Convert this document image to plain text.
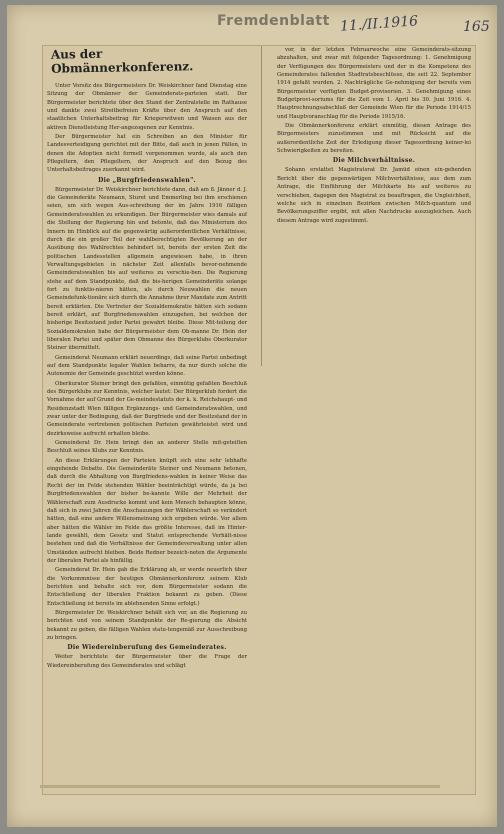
Fremdenblatt 11./II.1916	165
Aus der Obmännerkonferenz.

Unter Vorsitz des Bürgermeisters Dr. Weiskirchner fand Dienstag eine Sitzung der Obmänner der Gemeinderats-parteien statt. Der Bürgermeister berichtete über den Stand der Zentralstelle im Rathause und dankte zwei Streitbefreien Kräfte über den Anspruch auf den staatlichen Unterhaltsbeitrag für Kriegerwitwen und Waisen aus der aktiven Dienstleistung Her-angezogenen zur Kenntnis.

Der Bürgermeister hat ein Schreiben an den Minister für Landesverteidigung gerichtet mit der Bitte, daß auch in jenen Fällen, in denen die Adoptien nicht formell vorgenommen wurde, als auch den Pflegeltern, den Pflegeltern, der Anspruch auf den Bezug des Unterhaltsbeitrages zuerkannt wird.

Die „Burgfriedenswahlen".

Bürgermeister Dr. Weiskirchner berichtete dann, daß am 8. Jänner d. J. die Gemeinderäte Neumann, Sturet und Emmerling bei ihm erschienen seien, um sich wegen Aus-schreibung der im Jahre 1916 fälligen Gemeinderatswahlen zu erkundigen. Der Bürgermeister wies damals auf die Stellung der Regierung hin und betonte, daß das Ministerium des Innern im Hinblick auf die gegenwärtig außerordentlichen Verhältnisse, durch die ein großer Teil der wahlberechtigten Bevölkerung an der Ausübung des Wahlrechtes behindert ist, bereits der ersten Zeit die politischen Landesstellen allgemein angewiesen habe, in ihren Verwaltungsgebieten in nächster Zeit allenfalls bevor-nehmende Gemeinderatswahlen bis auf weiteres zu verschie-ben. Die Regierung stehe auf dem Standpunkte, daß die bis-herigen Gemeinderäte solange fort zu funktio-nieren hätten, als durch Neuwahlen die neuen Gemeindefunk-tionäre sich durch die Annahme ihrer Mandate zum Antritt bereit erklärten. Die Vertreter der Sozialdemokratie hätten sich sodann bereit erklärt, auf Burgfriedenswahlen einzugehen, bei welchen der bisherige Besitzstand jeder Partei gewahrt bleibe. Diese Mit-teilung der Sozialdemokraten habe der Bürgermeister dem Ob-manne Dr. Hein der liberalen Partei und später dem Obmanne des Bürgerklubs Oberkurator Steiner übermittelt.

Gemeinderat Neumann erklärt neuerdings, daß seine Partei unbedingt auf dem Standpunkte legaler Wahlen beharre, da nur durch solche die Autonomie der Gemeinde geschützt werden könne.

Oberkurator Steiner bringt den gefaßten, einmütig gefaßten Beschluß des Bürgerklubs zur Kenntnis, welcher lautet: Der Bürgerklub fordert die Vornahme der auf Grund der Ge-meindestatuts der k. k. Reichshaupt- und Residenzstadt Wien fälligen Ergänzungs- und Gemeinderatswahlen, und zwar unter der Bedingung, daß der Burgfriede und der Besitzstand der in Gemeinderate vertretenen politischen Parteien gewährleistet wird und dezirksweise aufrecht erhalten bleibe.

Gemeinderat Dr. Hein bringt den an anderer Stelle mit-geteilten Beschluß seines Klubs zur Kenntnis.

An diese Erklärungen der Parteien knüpft sich eine sehr lebhafte eingehende Debatte. Die Gemeinderäte Steiner und Neumann betonen, daß durch die Abhaltung von Burgfriedens-wahlen in keiner Weise das Recht der im Felde stehenden Wähler beeinträchtigt würde, da ja bei Burgfriedenswahlen der bisher be-kannte Wille der Mehrheit der Wählerschaft zum Ausdrucke kommt und kein Mensch behaupten könne, daß sich in zwei Jahren die Anschauungen der Wählerschaft so verändert hätten, daß eine andere Willensmeinung sich ergeben würde. Vor allem aber hätten die Wähler im Felde das größte Interesse, daß im Hinter-lande gewählt, dem Gesetz und Statut entsprechende Verhält-nisse bestehen und daß die Verhältnisse der Gemeindeverwaltung unter allen Umständen aufrecht bleiben. Beide Redner bezeich-neten die Argumente der liberalen Partei als hinfällig.

Gemeinderat Dr. Hein gab die Erklärung ab, er werde neuerlich über die Vorkommnisse der heutigen Obmännerkonferenz seinem Klub berichten und behalte sich vor, dem Bürgermeister sodann die Entschließung der liberalen Fraktion bekannt zu geben. (Diese Entschließung ist bereits im ablehnenden Sinne erfolgt.)

Bürgermeister Dr. Weiskirchner behält sich vor, an die Regierung zu berichten und von seinem Standpunkte der Re-gierung die Absicht bekannt zu geben, die fälligen Wahlen statu-tengemäß zur Ausschreibung zu bringen.

Die Wiedereinberufung des Gemeinderates.

Weiter berichtete der Bürgermeister über die Frage der Wiedereinberufung des Gemeinderates und schlägt

vor, in der letzten Februarwoche eine Gemeinderats-sitzung abzuhalten, und zwar mit folgender Tagesordnung: 1. Genehmigung der Verfügungen des Bürgermeisters und der in die Kompetenz des Gemeinderates fallenden Stadtratsbeschlüsse, die seit 22. September 1914 gefaßt wurden. 2. Nachträgliche Ge-nehmigung der bereits vom Bürgermeister verfügten Budget-provisorien. 3. Genehmigung eines Budgetprovi-soriums für die Zeit vom 1. April bis 30. Juni 1916. 4. Hauptrechnungsabschluß der Gemeinde Wien für die Periode 1914/15 und Hauptvoranschlag für die Periode 1915/16.

Die Obmännerkonferenz erklärt einmütig, diesen Antrage des Bürgermeisters zuzustimmen und mit Rücksicht auf die außerordentliche Zeit der Erledigung dieser Tagesordnung keiner-lei Schwierigkeiten zu bereiten.

Die Milchverhältnisse.

Sohann erstattet Magistratsrat Dr. Jamüd einen ein-gehenden Bericht über die gegenwärtigen Milchverhältnisse, aus dem zum Antrage, die Einführung der Milchkarte bis auf weiteres zu verschieben, dagegen den Magistrat zu beauftragen, die Ungleichheit, welche sich in einzelnen Bezirken zwischen Milch-quantum und Bevölkerungsziffer ergibt, mit allen Nachdrucke auszugleichen. Auch diesem Antrage wird zugestimmt.
